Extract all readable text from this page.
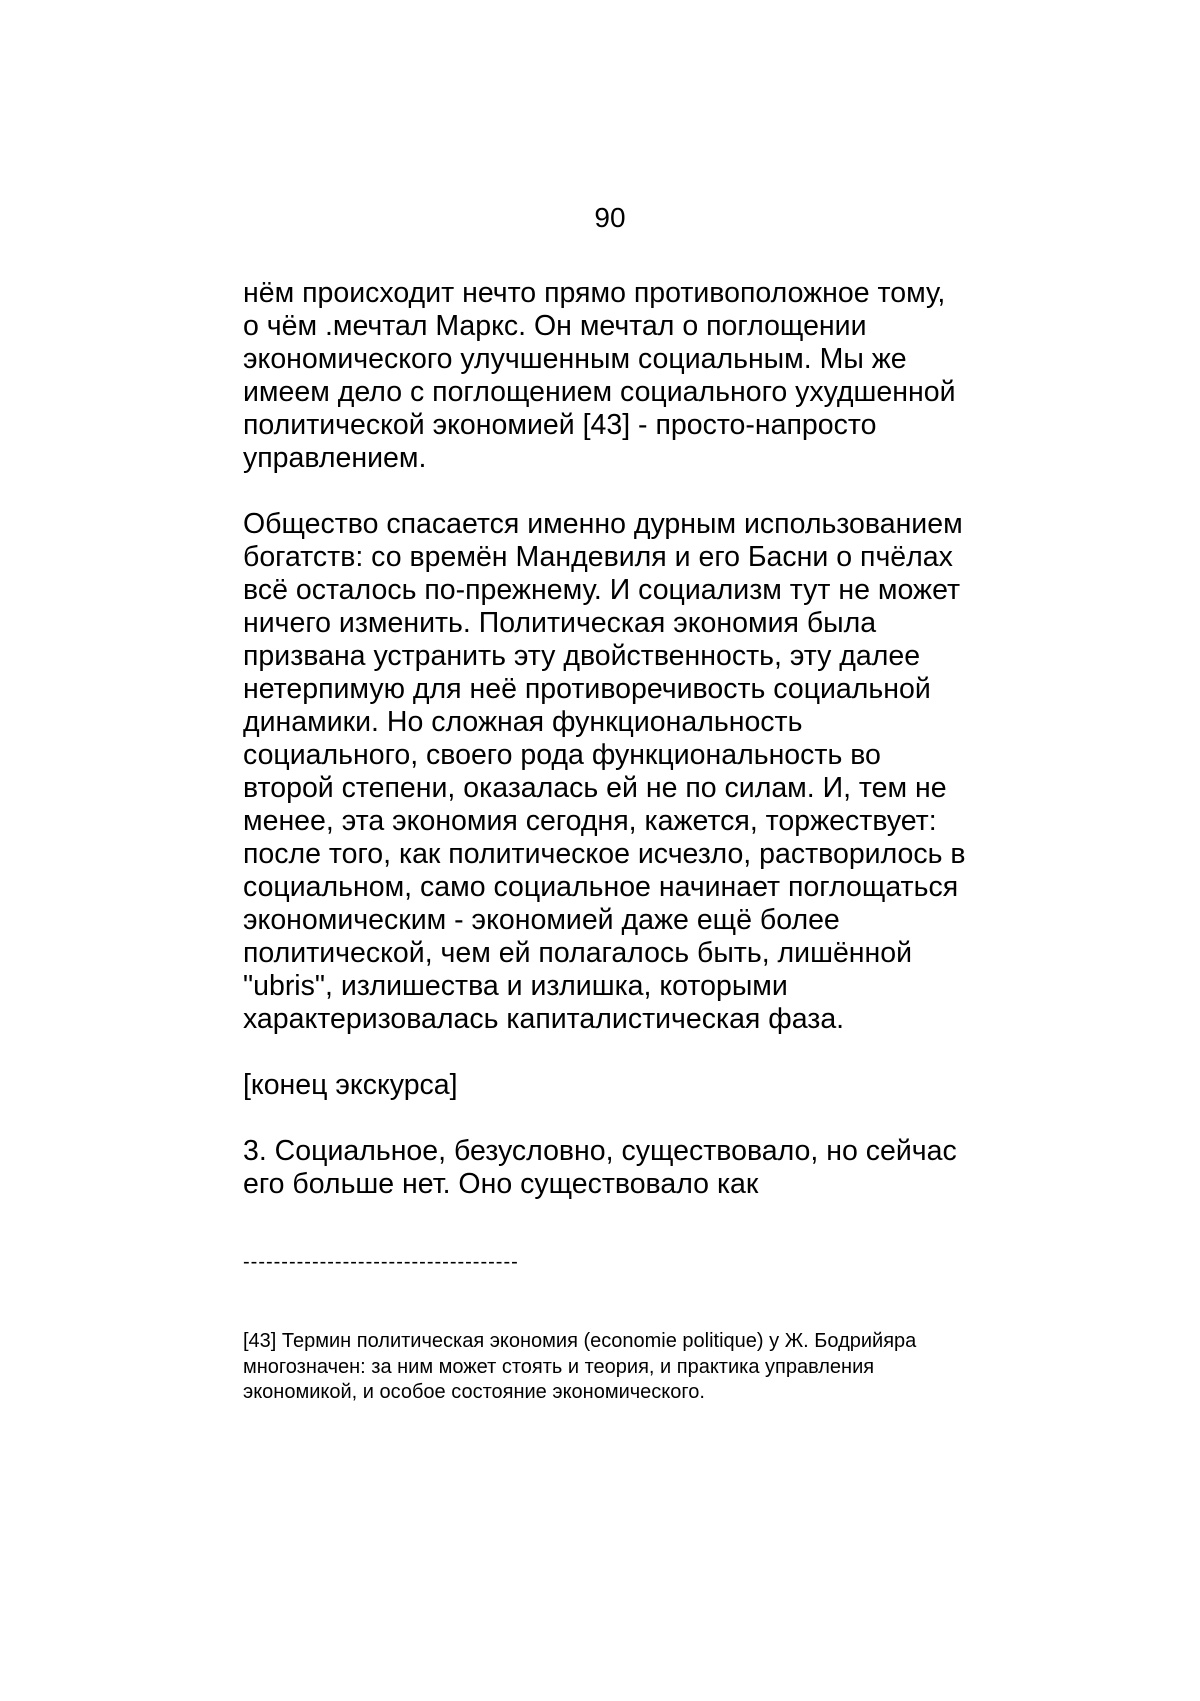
90
нём происходит нечто прямо противоположное тому,
о чём .мечтал Маркс. Он мечтал о поглощении
экономического улучшенным социальным. Мы же
имеем дело с поглощением социального ухудшенной
политической экономией [43] - просто-напросто
управлением.
Общество спасается именно дурным использованием
богатств: со времён Мандевиля и его Басни о пчёлах
всё осталось по-прежнему. И социализм тут не может
ничего изменить. Политическая экономия была
призвана устранить эту двойственность, эту далее
нетерпимую для неё противоречивость социальной
динамики. Но сложная функциональность
социального, своего рода функциональность во
второй степени, оказалась ей не по силам. И, тем не
менее, эта экономия сегодня, кажется, торжествует:
после того, как политическое исчезло, растворилось в
социальном, само социальное начинает поглощаться
экономическим - экономией даже ещё более
политической, чем ей полагалось быть, лишённой
"ubris", излишества и излишка, которыми
характеризовалась капиталистическая фаза.
[конец экскурса]
3. Социальное, безусловно, существовало, но сейчас
его больше нет. Оно существовало как
------------------------------------
[43] Термин политическая экономия (economie politique) у Ж. Бодрийяра
многозначен: за ним может стоять и теория, и практика управления
экономикой, и особое состояние экономического.
